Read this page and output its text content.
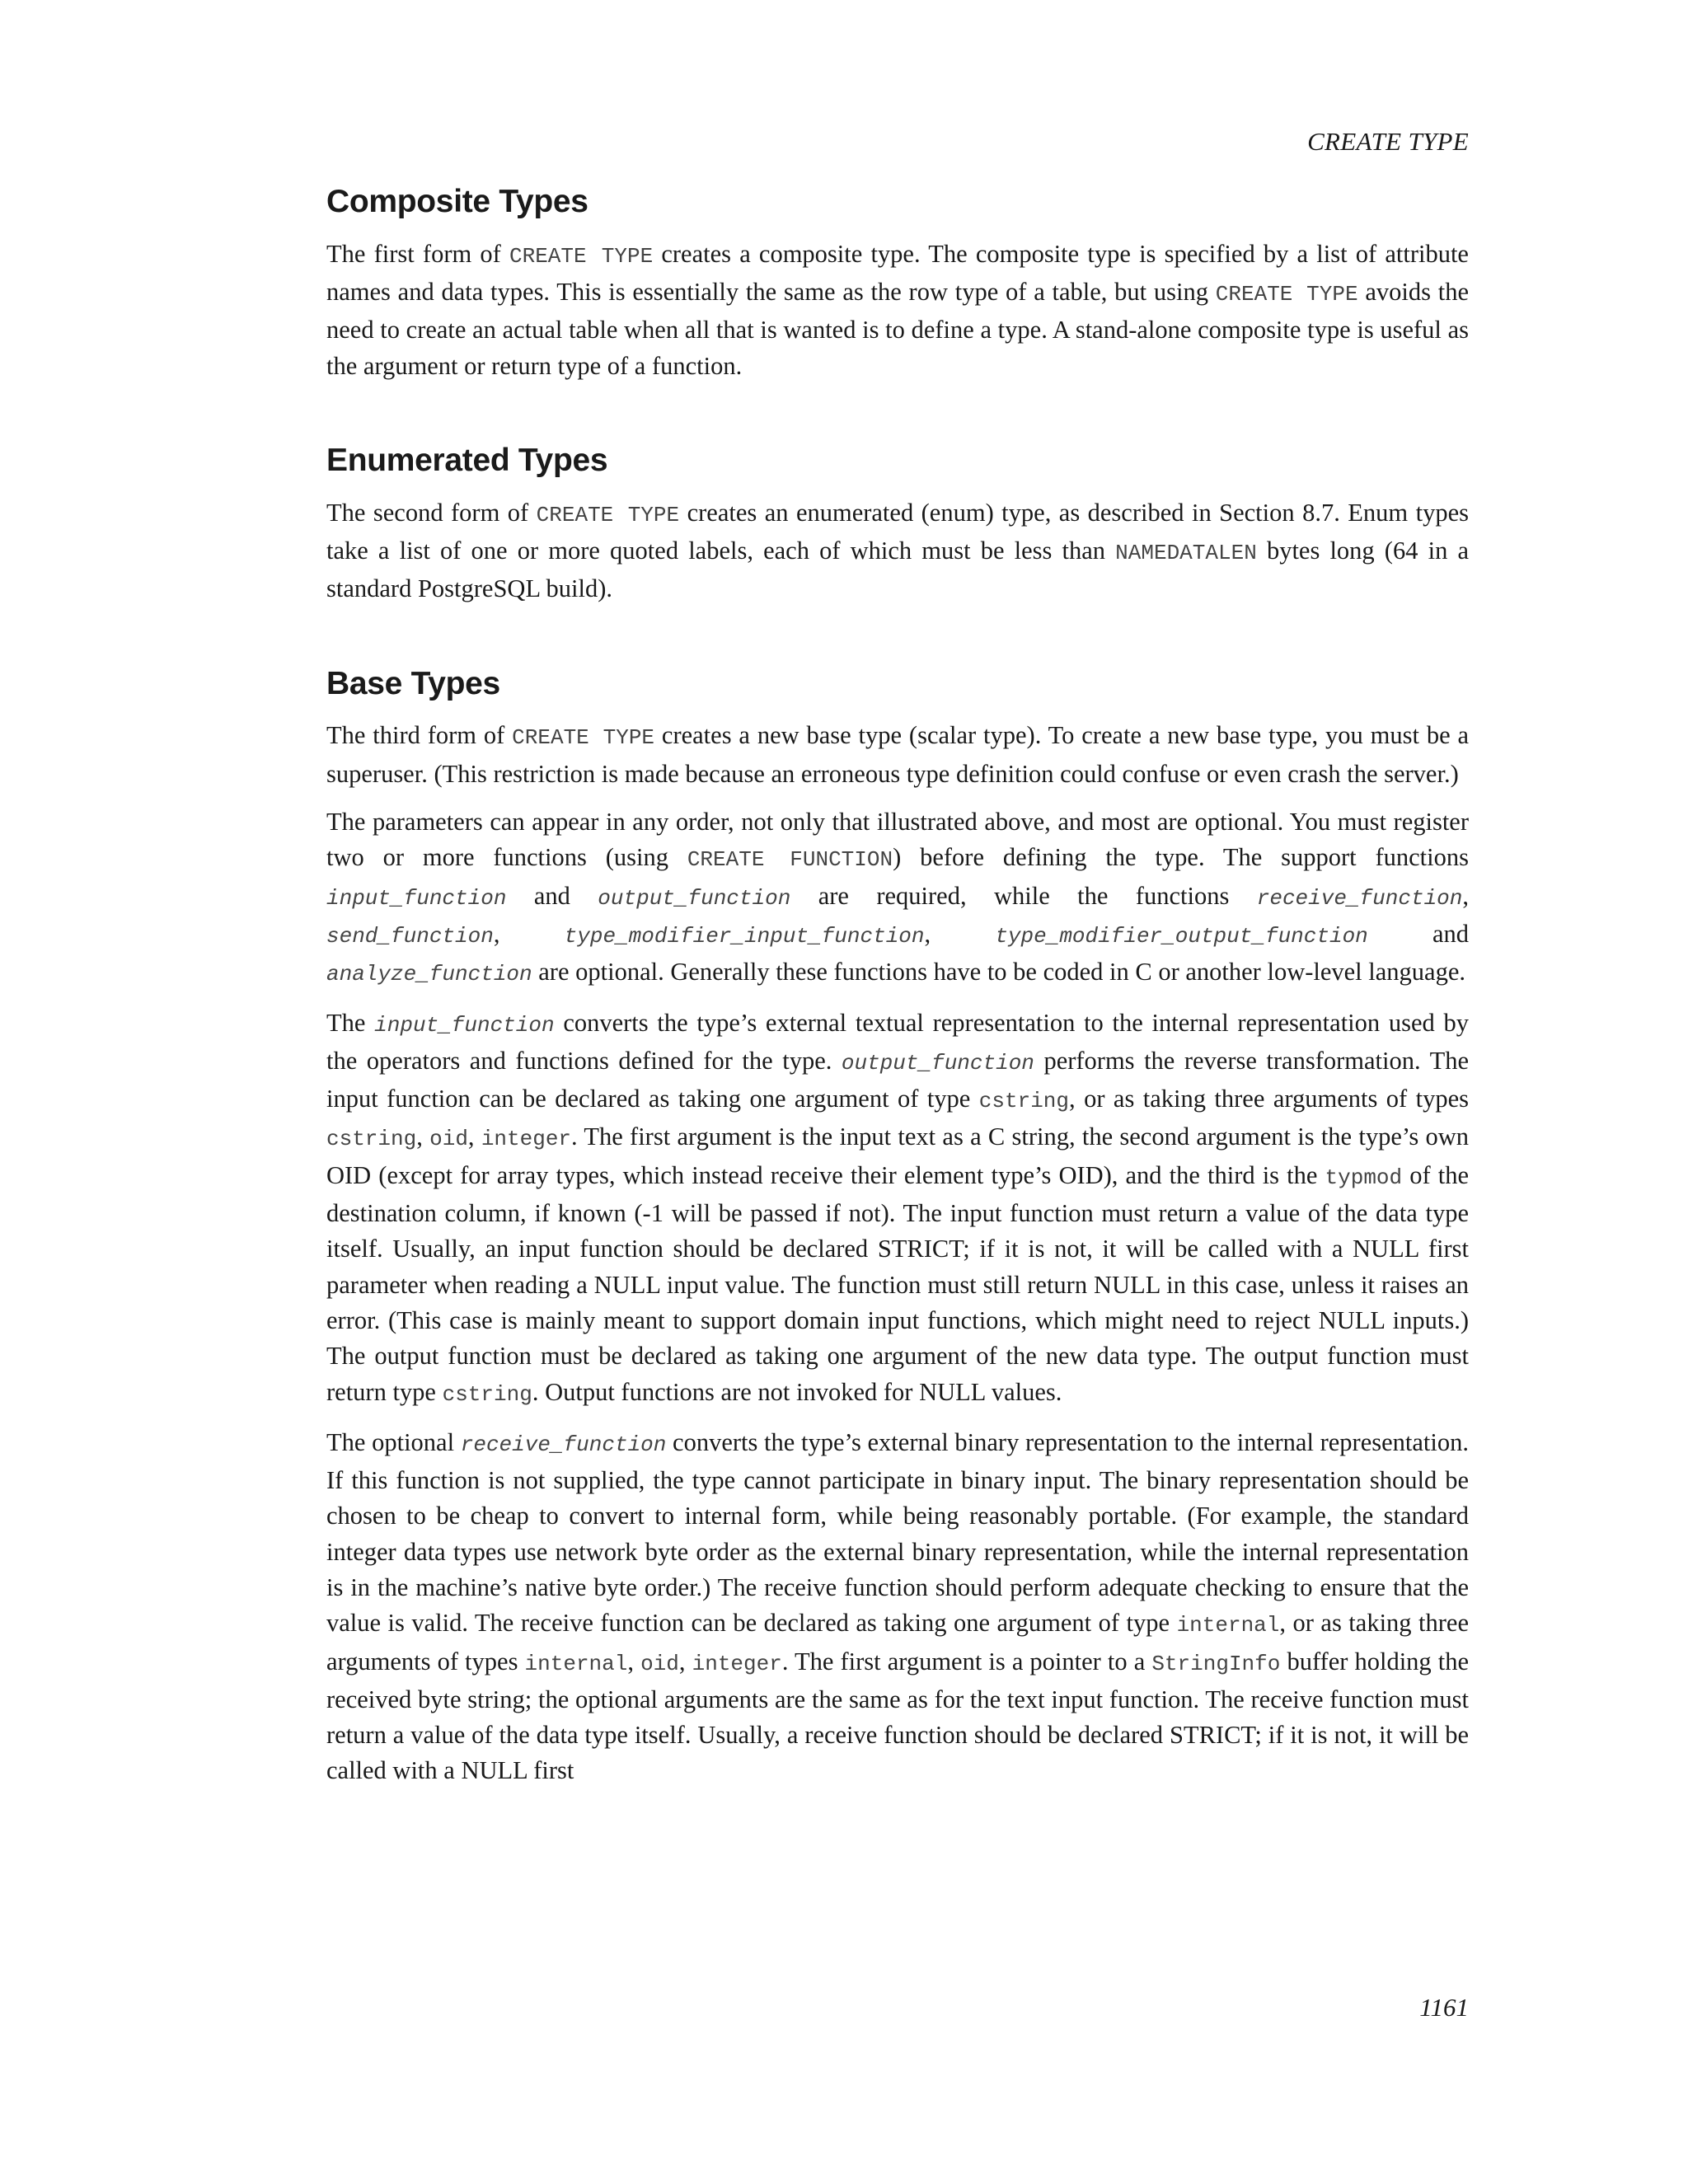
CREATE TYPE
Composite Types

The first form of CREATE TYPE creates a composite type. The composite type is specified by a list of attribute names and data types. This is essentially the same as the row type of a table, but using CREATE TYPE avoids the need to create an actual table when all that is wanted is to define a type. A stand-alone composite type is useful as the argument or return type of a function.

Enumerated Types

The second form of CREATE TYPE creates an enumerated (enum) type, as described in Section 8.7. Enum types take a list of one or more quoted labels, each of which must be less than NAMEDATALEN bytes long (64 in a standard PostgreSQL build).

Base Types

The third form of CREATE TYPE creates a new base type (scalar type). To create a new base type, you must be a superuser. (This restriction is made because an erroneous type definition could confuse or even crash the server.)

The parameters can appear in any order, not only that illustrated above, and most are optional. You must register two or more functions (using CREATE FUNCTION) before defining the type. The support functions input_function and output_function are required, while the functions receive_function, send_function, type_modifier_input_function, type_modifier_output_function and analyze_function are optional. Generally these functions have to be coded in C or another low-level language.

The input_function converts the type’s external textual representation to the internal representation used by the operators and functions defined for the type. output_function performs the reverse transformation. The input function can be declared as taking one argument of type cstring, or as taking three arguments of types cstring, oid, integer. The first argument is the input text as a C string, the second argument is the type’s own OID (except for array types, which instead receive their element type’s OID), and the third is the typmod of the destination column, if known (-1 will be passed if not). The input function must return a value of the data type itself. Usually, an input function should be declared STRICT; if it is not, it will be called with a NULL first parameter when reading a NULL input value. The function must still return NULL in this case, unless it raises an error. (This case is mainly meant to support domain input functions, which might need to reject NULL inputs.) The output function must be declared as taking one argument of the new data type. The output function must return type cstring. Output functions are not invoked for NULL values.

The optional receive_function converts the type’s external binary representation to the internal representation. If this function is not supplied, the type cannot participate in binary input. The binary representation should be chosen to be cheap to convert to internal form, while being reasonably portable. (For example, the standard integer data types use network byte order as the external binary representation, while the internal representation is in the machine’s native byte order.) The receive function should perform adequate checking to ensure that the value is valid. The receive function can be declared as taking one argument of type internal, or as taking three arguments of types internal, oid, integer. The first argument is a pointer to a StringInfo buffer holding the received byte string; the optional arguments are the same as for the text input function. The receive function must return a value of the data type itself. Usually, a receive function should be declared STRICT; if it is not, it will be called with a NULL first

1161
